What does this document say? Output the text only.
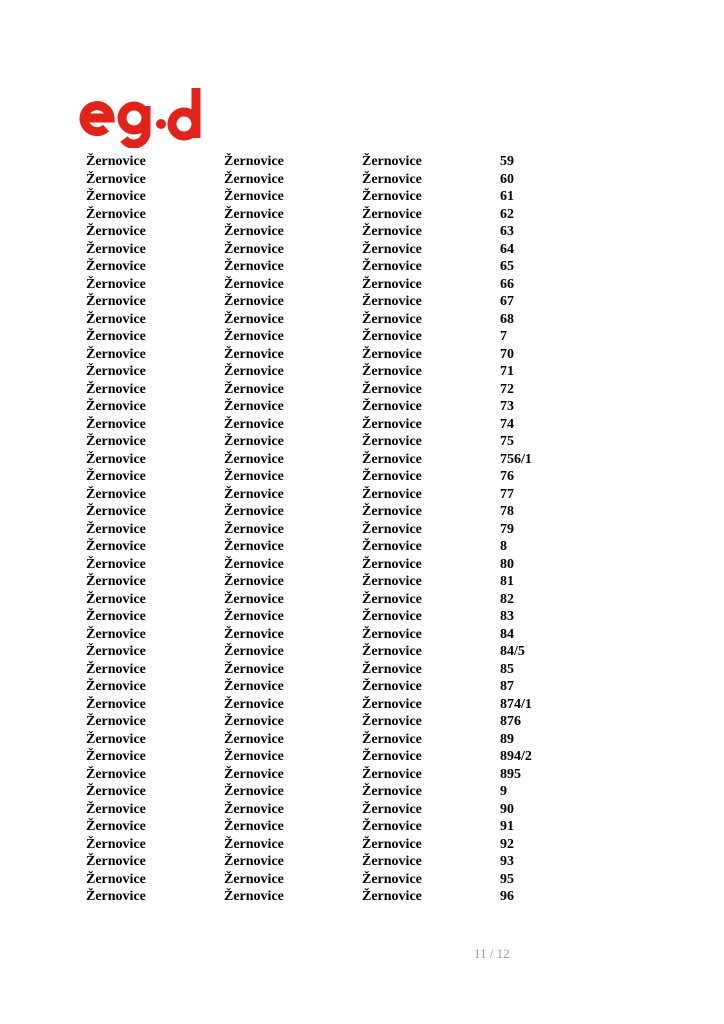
Žernovice	Žernovice	Žernovice	59
Žernovice	Žernovice	Žernovice	60
Žernovice	Žernovice	Žernovice	61
Žernovice	Žernovice	Žernovice	62
Žernovice	Žernovice	Žernovice	63
Žernovice	Žernovice	Žernovice	64
Žernovice	Žernovice	Žernovice	65
Žernovice	Žernovice	Žernovice	66
Žernovice	Žernovice	Žernovice	67
Žernovice	Žernovice	Žernovice	68
Žernovice	Žernovice	Žernovice	7
Žernovice	Žernovice	Žernovice	70
Žernovice	Žernovice	Žernovice	71
Žernovice	Žernovice	Žernovice	72
Žernovice	Žernovice	Žernovice	73
Žernovice	Žernovice	Žernovice	74
Žernovice	Žernovice	Žernovice	75
Žernovice	Žernovice	Žernovice	756/1
Žernovice	Žernovice	Žernovice	76
Žernovice	Žernovice	Žernovice	77
Žernovice	Žernovice	Žernovice	78
Žernovice	Žernovice	Žernovice	79
Žernovice	Žernovice	Žernovice	8
Žernovice	Žernovice	Žernovice	80
Žernovice	Žernovice	Žernovice	81
Žernovice	Žernovice	Žernovice	82
Žernovice	Žernovice	Žernovice	83
Žernovice	Žernovice	Žernovice	84
Žernovice	Žernovice	Žernovice	84/5
Žernovice	Žernovice	Žernovice	85
Žernovice	Žernovice	Žernovice	87
Žernovice	Žernovice	Žernovice	874/1
Žernovice	Žernovice	Žernovice	876
Žernovice	Žernovice	Žernovice	89
Žernovice	Žernovice	Žernovice	894/2
Žernovice	Žernovice	Žernovice	895
Žernovice	Žernovice	Žernovice	9
Žernovice	Žernovice	Žernovice	90
Žernovice	Žernovice	Žernovice	91
Žernovice	Žernovice	Žernovice	92
Žernovice	Žernovice	Žernovice	93
Žernovice	Žernovice	Žernovice	95
Žernovice	Žernovice	Žernovice	96
11 / 12
